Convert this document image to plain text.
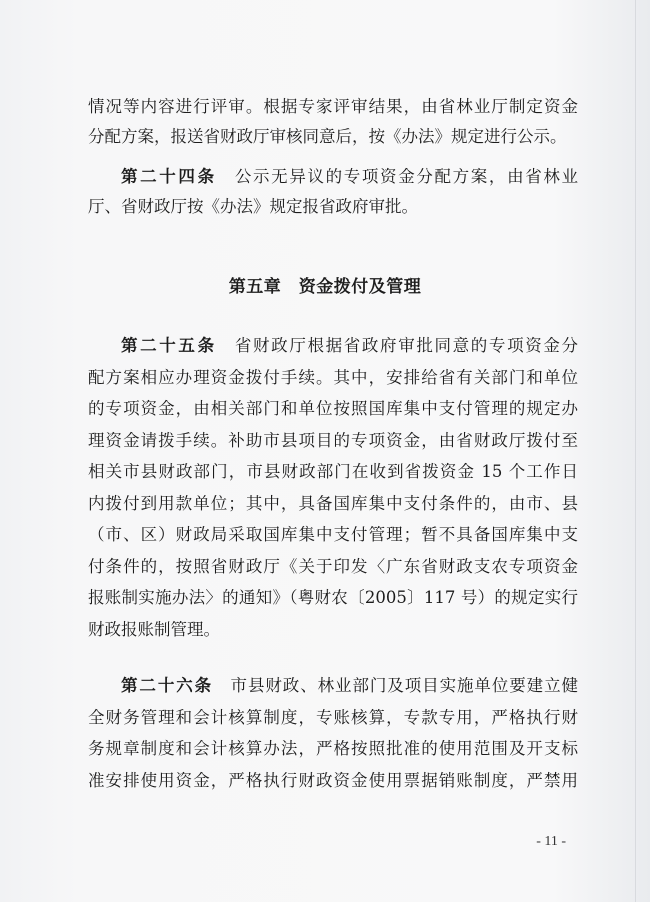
情况等内容进行评审。根据专家评审结果，由省林业厅制定资金
分配方案，报送省财政厅审核同意后，按《办法》规定进行公示。
第二十四条　 公示无异议的专项资金分配方案，由省林业
厅、省财政厅按《办法》规定报省政府审批。
第五章　资金拨付及管理
第二十五条　 省财政厅根据省政府审批同意的专项资金分
配方案相应办理资金拨付手续。其中，安排给省有关部门和单位
的专项资金，由相关部门和单位按照国库集中支付管理的规定办
理资金请拨手续。补助市县项目的专项资金，由省财政厅拨付至
相关市县财政部门，市县财政部门在收到省拨资金 15 个工作日
内拨付到用款单位；其中，具备国库集中支付条件的，由市、县
（市、区）财政局采取国库集中支付管理；暂不具备国库集中支
付条件的，按照省财政厅《关于印发〈广东省财政支农专项资金
报账制实施办法〉的通知》（粤财农〔2005〕117 号）的规定实行
财政报账制管理。
第二十六条　 市县财政、林业部门及项目实施单位要建立健
全财务管理和会计核算制度，专账核算，专款专用，严格执行财
务规章制度和会计核算办法，严格按照批准的使用范围及开支标
准安排使用资金，严格执行财政资金使用票据销账制度，严禁用
- 11 -
